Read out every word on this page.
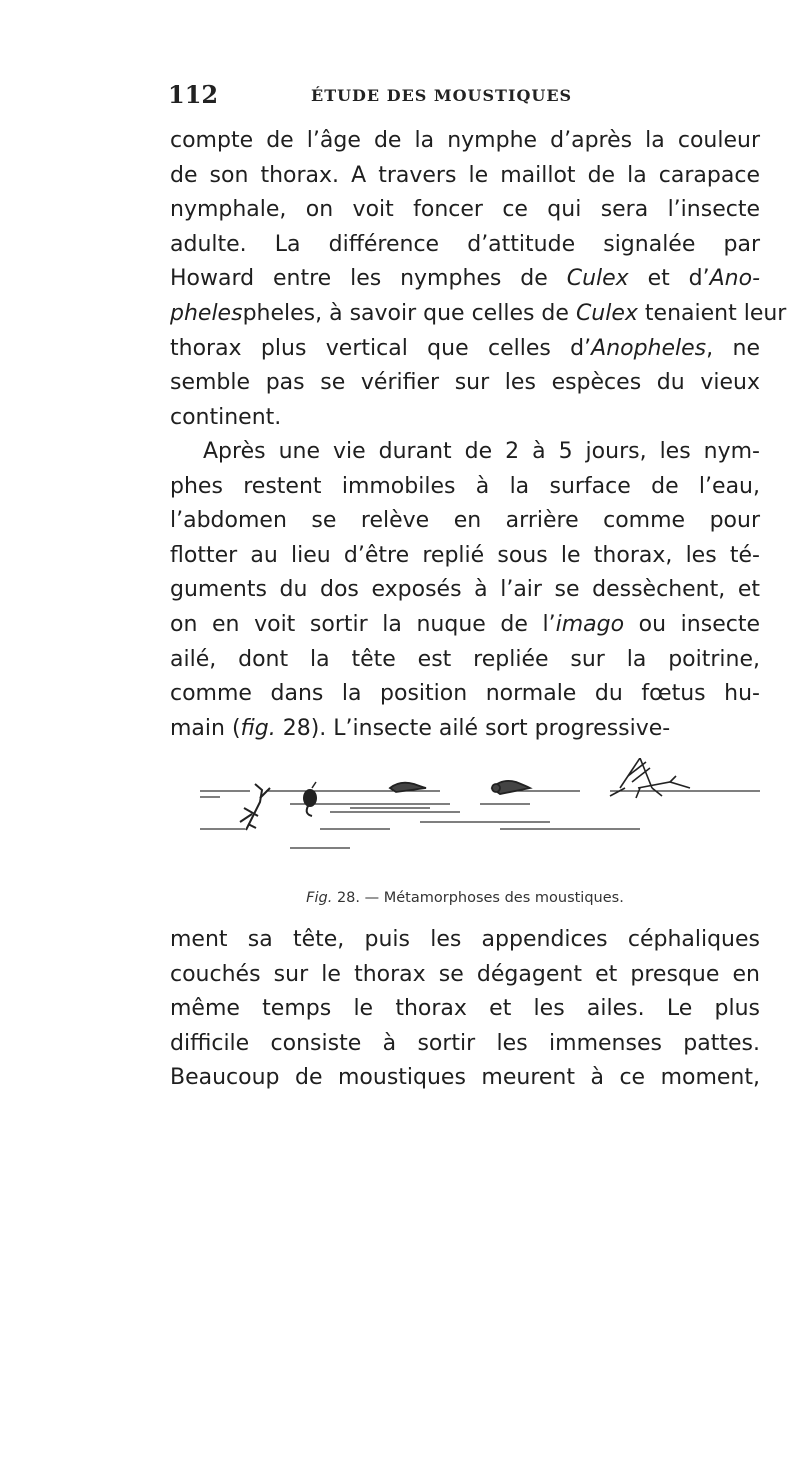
112	ÉTUDE DES MOUSTIQUES
compte de l’âge de la nymphe d’après la couleur
de son thorax. A travers le maillot de la carapace
nymphale, on voit foncer ce qui sera l’insecte
adulte. La différence d’attitude signalée par
Howard entre les nymphes de Culex et d’Ano-
phelespheles, à savoir que celles de Culex tenaient leur
thorax plus vertical que celles d’Anopheles, ne
semble pas se vérifier sur les espèces du vieux
continent.
Après une vie durant de 2 à 5 jours, les nym-
phes restent immobiles à la surface de l’eau,
l’abdomen se relève en arrière comme pour
flotter au lieu d’être replié sous le thorax, les té-
guments du dos exposés à l’air se dessèchent, et
on en voit sortir la nuque de l’imago ou insecte
ailé, dont la tête est repliée sur la poitrine,
comme dans la position normale du fœtus hu-
main (fig. 28). L’insecte ailé sort progressive-
Fig. 28. — Métamorphoses des moustiques.
ment sa tête, puis les appendices céphaliques
couchés sur le thorax se dégagent et presque en
même temps le thorax et les ailes. Le plus
difficile consiste à sortir les immenses pattes.
Beaucoup de moustiques meurent à ce moment,
